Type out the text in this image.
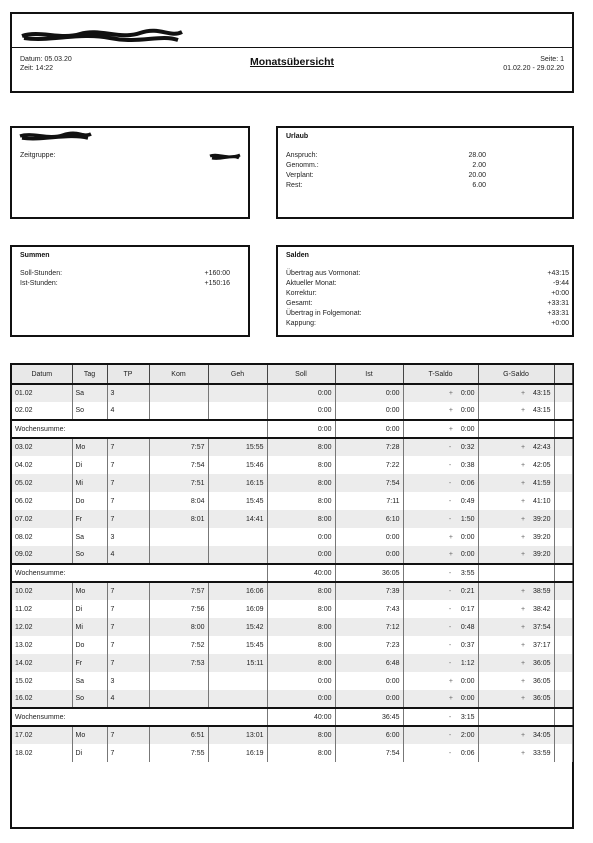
Datum: 05.03.20
Zeit: 14:22
Monatsübersicht	Seite: 1
01.02.20 - 29.02.20
Zeitgruppe:
Urlaub
Anspruch:	28.00
Genomm.:	2.00
Verplant:	20.00
Rest:	6.00
Summen
Soll-Stunden:	+160:00
Ist-Stunden:	+150:16
Salden
Übertrag aus Vormonat:	+43:15
Aktueller Monat:	-9:44
Korrektur:	+0:00
Gesamt:	+33:31
Übertrag in Folgemonat:	+33:31
Kappung:	+0:00
Datum	Tag	TP	Kom	Geh	Soll	Ist	T-Saldo	G-Saldo	
01.02	Sa	3			0:00	0:00	+ 0:00	+ 43:15	
02.02	So	4			0:00	0:00	+ 0:00	+ 43:15	
Wochensumme:					0:00	0:00	+ 0:00		
03.02	Mo	7	7:57	15:55	8:00	7:28	- 0:32	+ 42:43	
04.02	Di	7	7:54	15:46	8:00	7:22	- 0:38	+ 42:05	
05.02	Mi	7	7:51	16:15	8:00	7:54	- 0:06	+ 41:59	
06.02	Do	7	8:04	15:45	8:00	7:11	- 0:49	+ 41:10	
07.02	Fr	7	8:01	14:41	8:00	6:10	- 1:50	+ 39:20	
08.02	Sa	3			0:00	0:00	+ 0:00	+ 39:20	
09.02	So	4			0:00	0:00	+ 0:00	+ 39:20	
Wochensumme:					40:00	36:05	- 3:55		
10.02	Mo	7	7:57	16:06	8:00	7:39	- 0:21	+ 38:59	
11.02	Di	7	7:56	16:09	8:00	7:43	- 0:17	+ 38:42	
12.02	Mi	7	8:00	15:42	8:00	7:12	- 0:48	+ 37:54	
13.02	Do	7	7:52	15:45	8:00	7:23	- 0:37	+ 37:17	
14.02	Fr	7	7:53	15:11	8:00	6:48	- 1:12	+ 36:05	
15.02	Sa	3			0:00	0:00	+ 0:00	+ 36:05	
16.02	So	4			0:00	0:00	+ 0:00	+ 36:05	
Wochensumme:					40:00	36:45	- 3:15		
17.02	Mo	7	6:51	13:01	8:00	6:00	- 2:00	+ 34:05	
18.02	Di	7	7:55	16:19	8:00	7:54	- 0:06	+ 33:59	
